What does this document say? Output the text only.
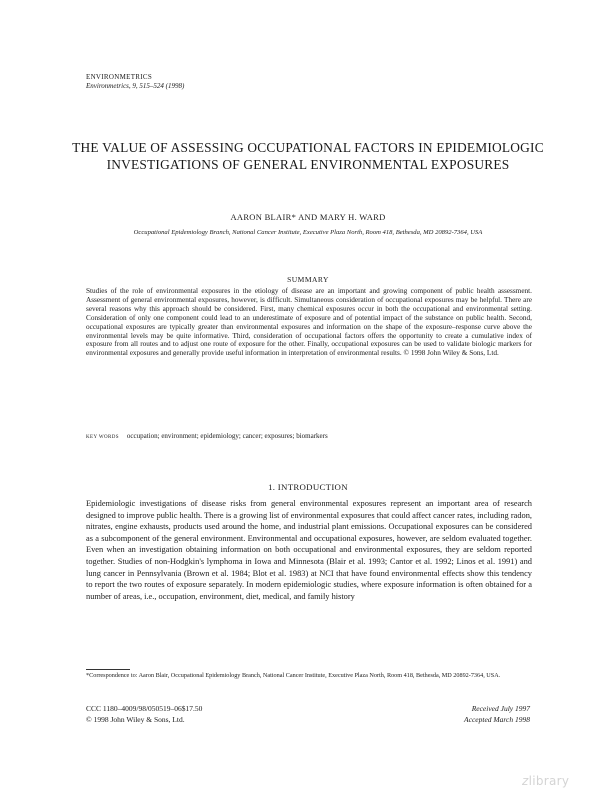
ENVIRONMETRICS
Environmetrics, 9, 515–524 (1998)
THE VALUE OF ASSESSING OCCUPATIONAL FACTORS IN EPIDEMIOLOGIC INVESTIGATIONS OF GENERAL ENVIRONMENTAL EXPOSURES
AARON BLAIR* AND MARY H. WARD
Occupational Epidemiology Branch, National Cancer Institute, Executive Plaza North, Room 418, Bethesda, MD 20892-7364, USA
SUMMARY

Studies of the role of environmental exposures in the etiology of disease are an important and growing component of public health assessment. Assessment of general environmental exposures, however, is difficult. Simultaneous consideration of occupational exposures may be helpful. There are several reasons why this approach should be considered. First, many chemical exposures occur in both the occupational and environmental setting. Consideration of only one component could lead to an underestimate of exposure and of potential impact of the substance on public health. Second, occupational exposures are typically greater than environmental exposures and information on the shape of the exposure–response curve above the environmental levels may be quite informative. Third, consideration of occupational factors offers the opportunity to create a cumulative index of exposure from all routes and to adjust one route of exposure for the other. Finally, occupational exposures can be used to validate biologic markers for environmental exposures and generally provide useful information in interpretation of environmental results. © 1998 John Wiley & Sons, Ltd.

KEY WORDS occupation; environment; epidemiology; cancer; exposures; biomarkers
1. INTRODUCTION

Epidemiologic investigations of disease risks from general environmental exposures represent an important area of research designed to improve public health. There is a growing list of environmental exposures that could affect cancer rates, including radon, nitrates, engine exhausts, products used around the home, and industrial plant emissions. Occupational exposures can be considered as a subcomponent of the general environment. Environmental and occupational exposures, however, are seldom evaluated together. Even when an investigation obtaining information on both occupational and environmental exposures, they are seldom reported together. Studies of non-Hodgkin's lymphoma in Iowa and Minnesota (Blair et al. 1993; Cantor et al. 1992; Linos et al. 1991) and lung cancer in Pennsylvania (Brown et al. 1984; Blot et al. 1983) at NCI that have found environmental effects show this tendency to report the two routes of exposure separately. In modern epidemiologic studies, where exposure information is often obtained for a number of areas, i.e., occupation, environment, diet, medical, and family history

*Correspondence to: Aaron Blair, Occupational Epidemiology Branch, National Cancer Institute, Executive Plaza North, Room 418, Bethesda, MD 20892-7364, USA.

CCC 1180–4009/98/050519–06$17.50
© 1998 John Wiley & Sons, Ltd.
Received July 1997
Accepted March 1998
zlibrary
